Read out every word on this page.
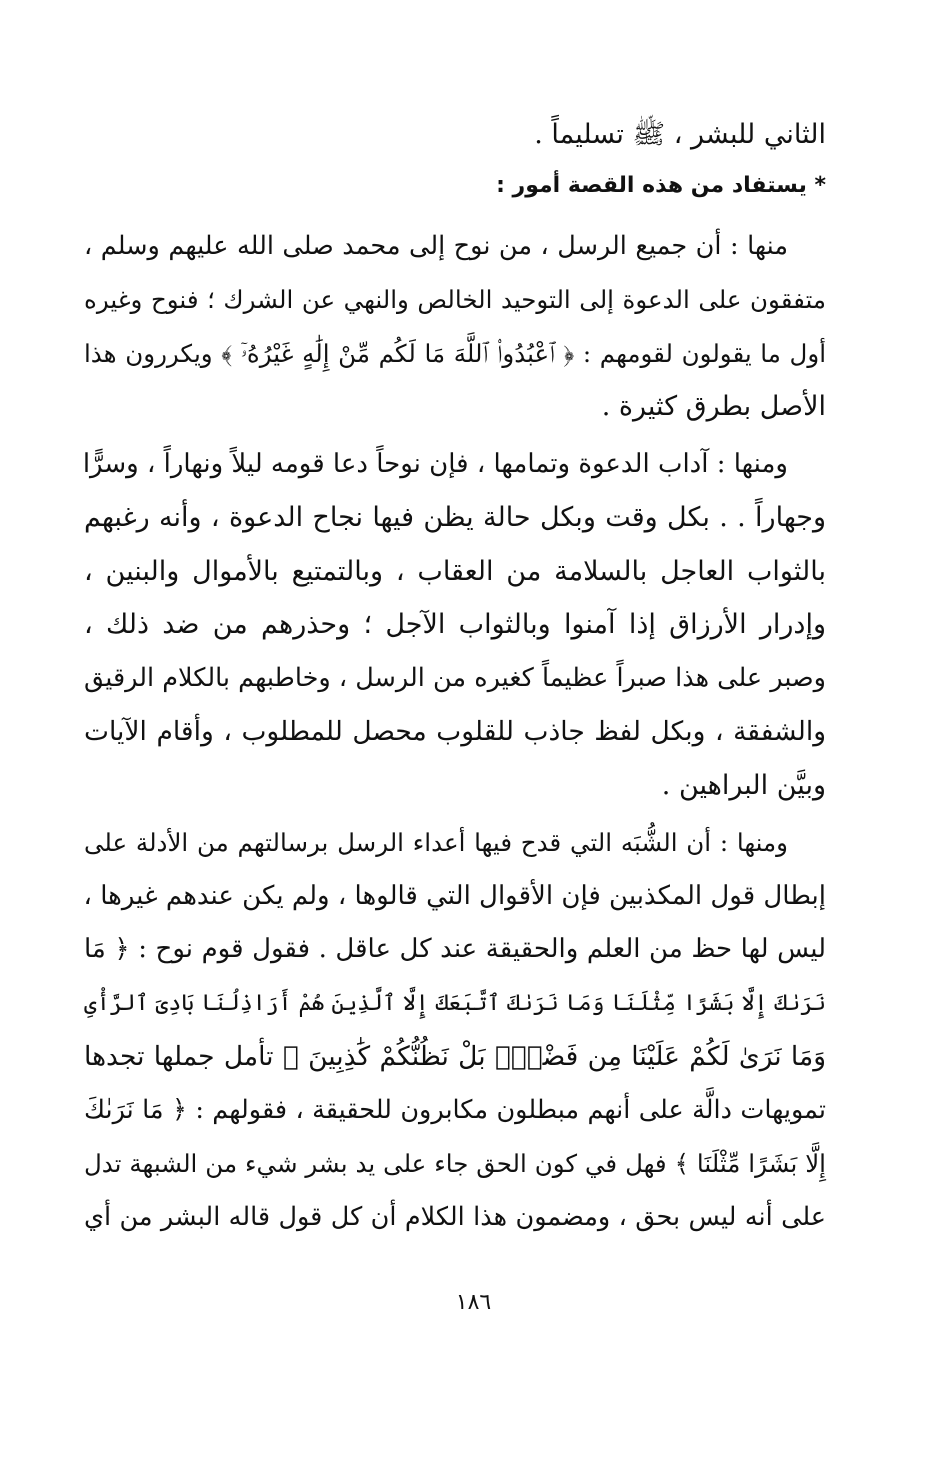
الثاني للبشر ، ﷺ تسليماً .
* يستفاد من هذه القصة أمور :
منها : أن جميع الرسل ، من نوح إلى محمد صلى الله عليهم وسلم ،
متفقون على الدعوة إلى التوحيد الخالص والنهي عن الشرك ؛ فنوح وغيره
أول ما يقولون لقومهم : ﴿ ٱعْبُدُوا۟ ٱللَّهَ مَا لَكُم مِّنْ إِلَٰهٍ غَيْرُهُۥٓ ﴾ ويكررون هذا
الأصل بطرق كثيرة .
ومنها : آداب الدعوة وتمامها ، فإن نوحاً دعا قومه ليلاً ونهاراً ، وسرًّا
وجهاراً . . بكل وقت وبكل حالة يظن فيها نجاح الدعوة ، وأنه رغبهم
بالثواب العاجل بالسلامة من العقاب ، وبالتمتيع بالأموال والبنين ،
وإدرار الأرزاق إذا آمنوا وبالثواب الآجل ؛ وحذرهم من ضد ذلك ،
وصبر على هذا صبراً عظيماً كغيره من الرسل ، وخاطبهم بالكلام الرقيق
والشفقة ، وبكل لفظ جاذب للقلوب محصل للمطلوب ، وأقام الآيات
وبيَّن البراهين .
ومنها : أن الشُّبَه التي قدح فيها أعداء الرسل برسالتهم من الأدلة على
إبطال قول المكذبين فإن الأقوال التي قالوها ، ولم يكن عندهم غيرها ،
ليس لها حظ من العلم والحقيقة عند كل عاقل . فقول قوم نوح : ﴿ مَا
نَرَىٰكَ إِلَّا بَشَرًا مِّثْلَنَا وَمَا نَرَىٰكَ ٱتَّبَعَكَ إِلَّا ٱلَّذِينَ هُمْ أَرَاذِلُنَا بَادِىَ ٱلرَّأْىِ
وَمَا نَرَىٰ لَكُمْ عَلَيْنَا مِن فَضْلٍۭ بَلْ نَظُنُّكُمْ كَٰذِبِينَ ﴾ تأمل جملها تجدها
تمويهات دالَّة على أنهم مبطلون مكابرون للحقيقة ، فقولهم : ﴿ مَا نَرَىٰكَ
إِلَّا بَشَرًا مِّثْلَنَا ﴾ فهل في كون الحق جاء على يد بشر شيء من الشبهة تدل
على أنه ليس بحق ، ومضمون هذا الكلام أن كل قول قاله البشر من أي
١٨٦
